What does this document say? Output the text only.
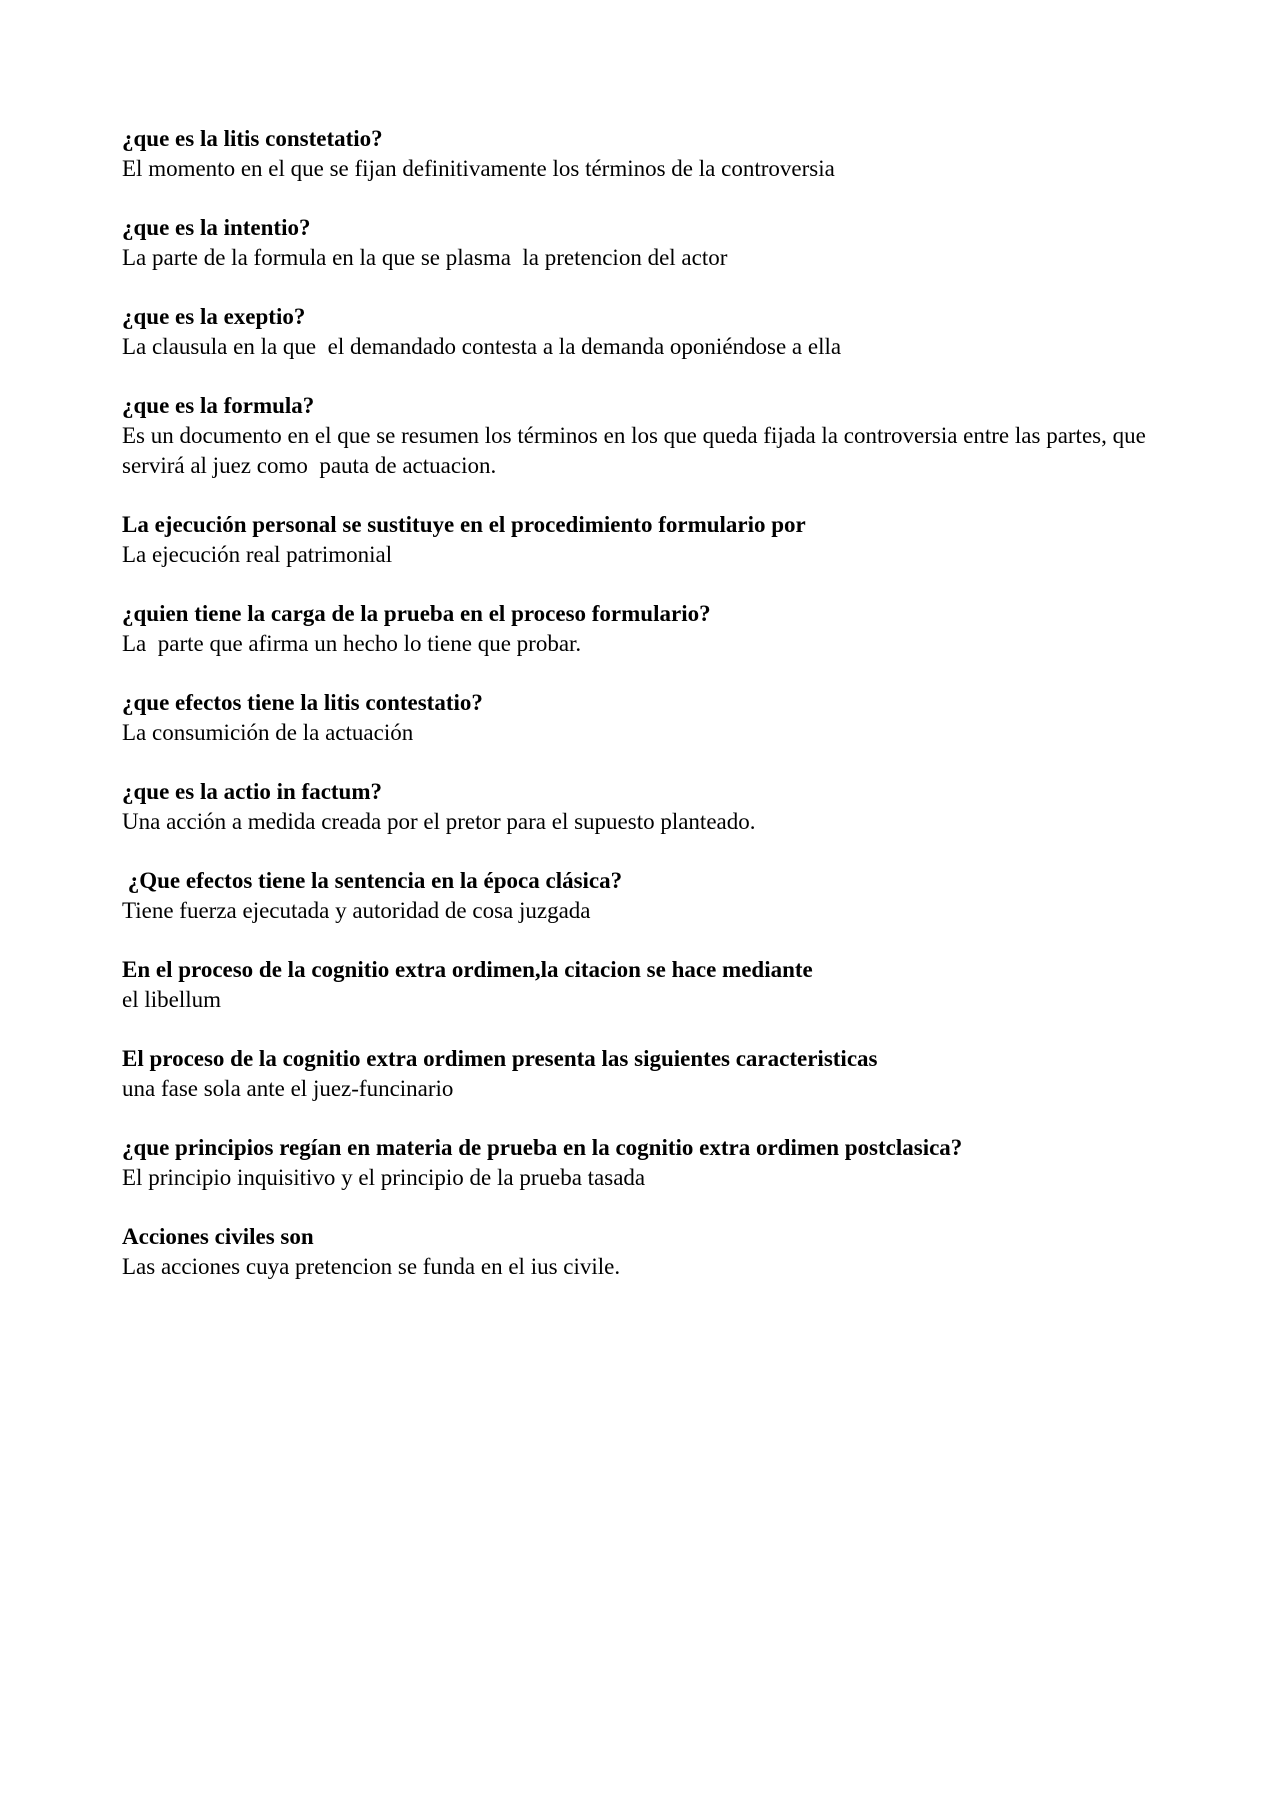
¿que es la litis constetatio?

El momento en el que se fijan definitivamente los términos de la controversia

¿que es la intentio?

La parte de la formula en la que se plasma  la pretencion del actor

¿que es la exeptio?

La clausula en la que  el demandado contesta a la demanda oponiéndose a ella

¿que es la formula?

Es un documento en el que se resumen los términos en los que queda fijada la controversia entre las partes, que servirá al juez como  pauta de actuacion.

La ejecución personal se sustituye en el procedimiento formulario por

La ejecución real patrimonial

¿quien tiene la carga de la prueba en el proceso formulario?

La  parte que afirma un hecho lo tiene que probar.

¿que efectos tiene la litis contestatio?

La consumición de la actuación

¿que es la actio in factum?

Una acción a medida creada por el pretor para el supuesto planteado.

¿Que efectos tiene la sentencia en la época clásica?

Tiene fuerza ejecutada y autoridad de cosa juzgada

En el proceso de la cognitio extra ordimen,la citacion se hace mediante

el libellum

El proceso de la cognitio extra ordimen presenta las siguientes caracteristicas

una fase sola ante el juez-funcinario

¿que principios regían en materia de prueba en la cognitio extra ordimen postclasica?

El principio inquisitivo y el principio de la prueba tasada

Acciones civiles son

Las acciones cuya pretencion se funda en el ius civile.
